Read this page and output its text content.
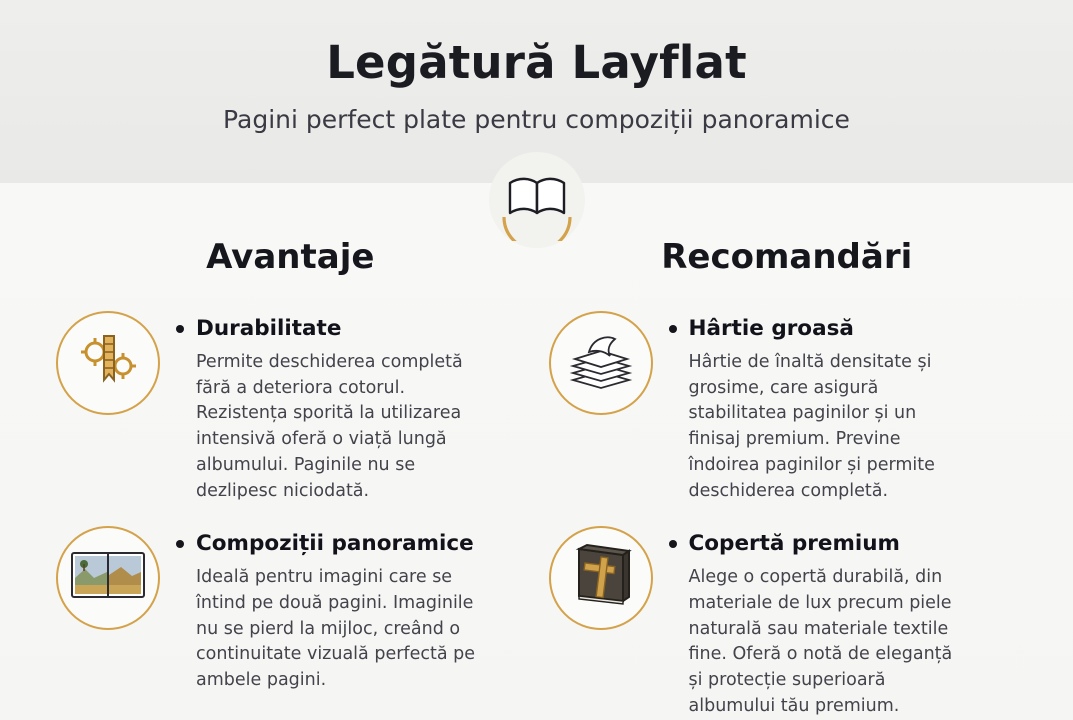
Legătură Layflat
Pagini perfect plate pentru compoziții panoramice
Avantaje
Durabilitate
Permite deschiderea completă fără a deteriora cotorul. Rezistența sporită la utilizarea intensivă oferă o viață lungă albumului. Paginile nu se dezlipesc niciodată.
Compoziții panoramice
Ideală pentru imagini care se întind pe două pagini. Imaginile nu se pierd la mijloc, creând o continuitate vizuală perfectă pe ambele pagini.
Recomandări
Hârtie groasă
Hârtie de înaltă densitate și grosime, care asigură stabilitatea paginilor și un finisaj premium. Previne îndoirea paginilor și permite deschiderea completă.
Copertă premium
Alege o copertă durabilă, din materiale de lux precum piele naturală sau materiale textile fine. Oferă o notă de eleganță și protecție superioară albumului tău premium.
